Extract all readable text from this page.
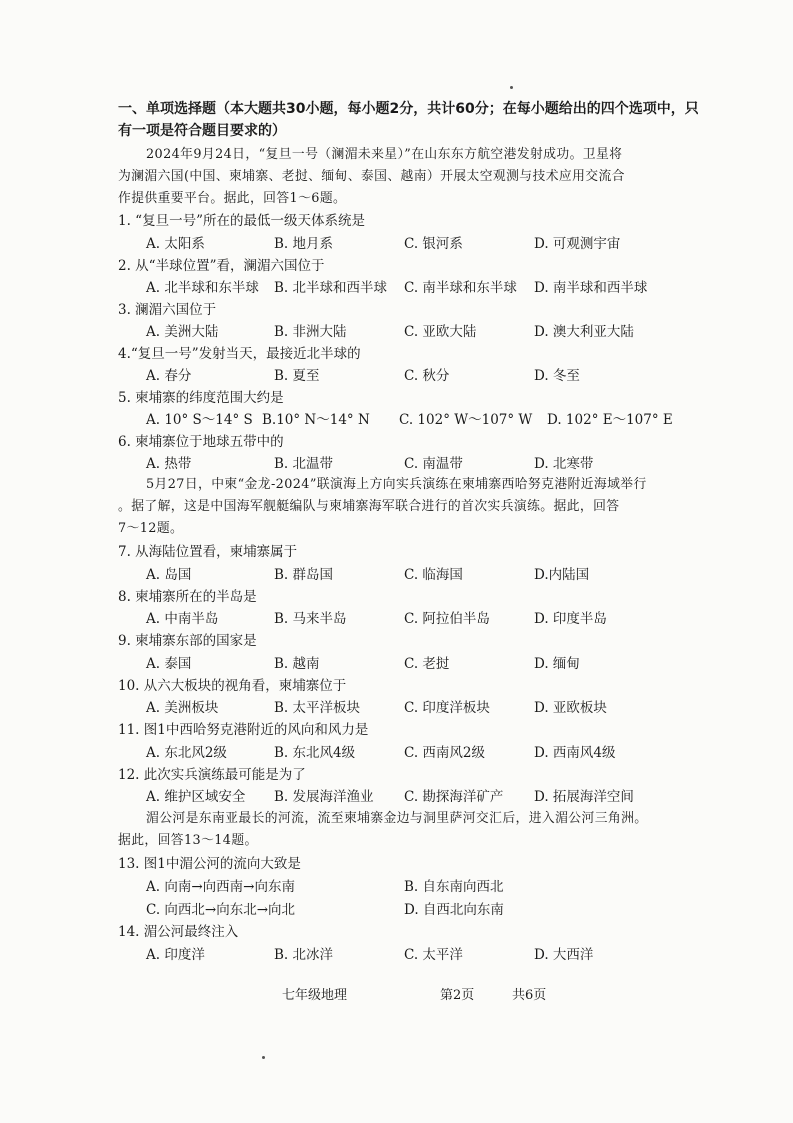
一、单项选择题（本大题共30小题，每小题2分，共计60分；在每小题给出的四个选项中，只
有一项是符合题目要求的）
2024年9月24日，“复旦一号（澜湄未来星）”在山东东方航空港发射成功。卫星将
为澜湄六国(中国、柬埔寨、老挝、缅甸、泰国、越南）开展太空观测与技术应用交流合
作提供重要平台。据此，回答1～6题。
1. “复旦一号”所在的最低一级天体系统是
A. 太阳系	B. 地月系	C. 银河系	D. 可观测宇宙
2. 从“半球位置”看，澜湄六国位于
A. 北半球和东半球 B. 北半球和西半球 C. 南半球和东半球 D. 南半球和西半球
3. 澜湄六国位于
A. 美洲大陆	B. 非洲大陆	C. 亚欧大陆	D. 澳大利亚大陆
4.“复旦一号”发射当天，最接近北半球的
A. 春分	B. 夏至	C. 秋分	D. 冬至
5. 柬埔寨的纬度范围大约是
A. 10° S～14° S B.10° N～14° N C. 102° W～107° W D. 102° E～107° E
6. 柬埔寨位于地球五带中的
A. 热带	B. 北温带	C. 南温带	D. 北寒带
5月27日，中柬“金龙-2024”联演海上方向实兵演练在柬埔寨西哈努克港附近海域举行
。据了解，这是中国海军舰艇编队与柬埔寨海军联合进行的首次实兵演练。据此，回答
7～12题。
7. 从海陆位置看，柬埔寨属于
A. 岛国	B. 群岛国	C. 临海国	D.内陆国
8. 柬埔寨所在的半岛是
A. 中南半岛	B. 马来半岛	C. 阿拉伯半岛	D. 印度半岛
9. 柬埔寨东部的国家是
A. 泰国	B. 越南	C. 老挝	D. 缅甸
10. 从六大板块的视角看，柬埔寨位于
A. 美洲板块	B. 太平洋板块	C. 印度洋板块	D. 亚欧板块
11. 图1中西哈努克港附近的风向和风力是
A. 东北风2级	B. 东北风4级	C. 西南风2级	D. 西南风4级
12. 此次实兵演练最可能是为了
A. 维护区域安全 B. 发展海洋渔业 C. 勘探海洋矿产 D. 拓展海洋空间
湄公河是东南亚最长的河流，流至柬埔寨金边与洞里萨河交汇后，进入湄公河三角洲。
据此，回答13～14题。
13. 图1中湄公河的流向大致是
A. 向南→向西南→向东南	B. 自东南向西北
C. 向西北→向东北→向北	D. 自西北向东南
14. 湄公河最终注入
A. 印度洋	B. 北冰洋	C. 太平洋	D. 大西洋
七年级地理	第2页	共6页
